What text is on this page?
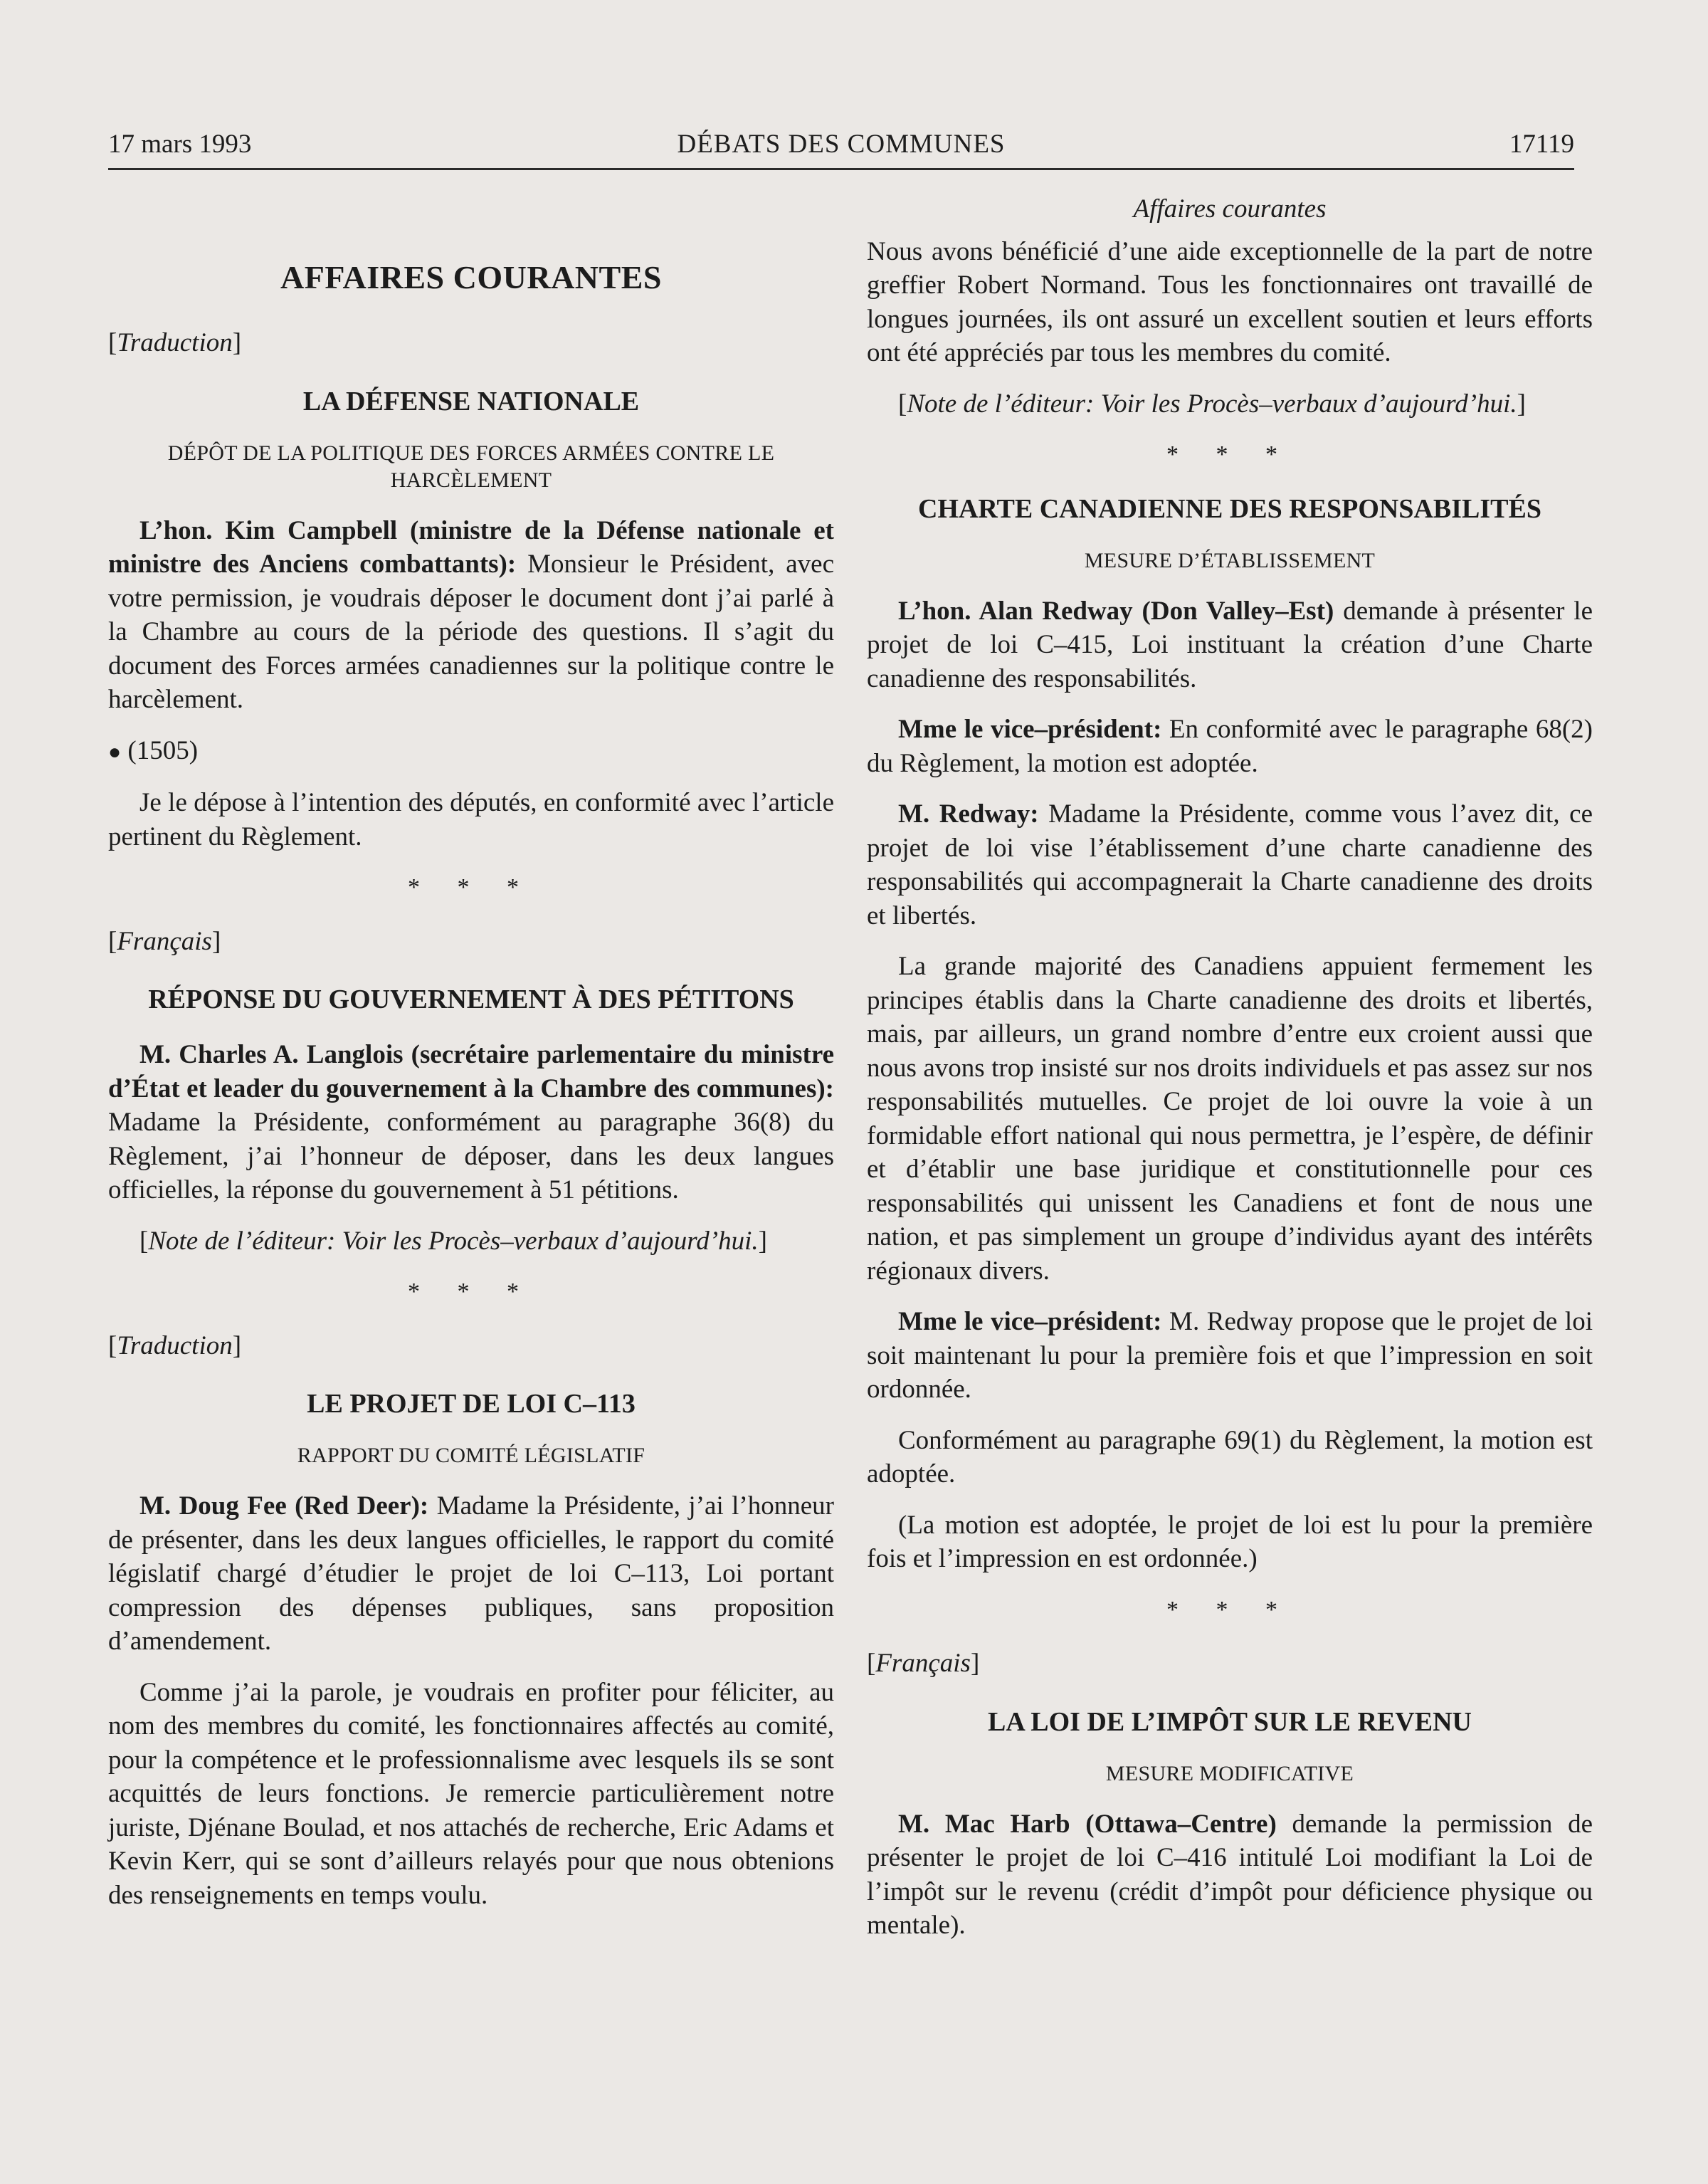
17 mars 1993	DÉBATS DES COMMUNES	17119
AFFAIRES COURANTES

[Traduction]

LA DÉFENSE NATIONALE
DÉPÔT DE LA POLITIQUE DES FORCES ARMÉES CONTRE LE HARCÈLEMENT

L’hon. Kim Campbell (ministre de la Défense nationale et ministre des Anciens combattants): Monsieur le Président, avec votre permission, je voudrais déposer le document dont j’ai parlé à la Chambre au cours de la période des questions. Il s’agit du document des Forces armées canadiennes sur la politique contre le harcèlement.

● (1505)

Je le dépose à l’intention des députés, en conformité avec l’article pertinent du Règlement.

* * *

[Français]

RÉPONSE DU GOUVERNEMENT À DES PÉTITONS

M. Charles A. Langlois (secrétaire parlementaire du ministre d’État et leader du gouvernement à la Chambre des communes): Madame la Présidente, conformément au paragraphe 36(8) du Règlement, j’ai l’honneur de déposer, dans les deux langues officielles, la réponse du gouvernement à 51 pétitions.

[Note de l’éditeur: Voir les Procès–verbaux d’aujourd’hui.]

* * *

[Traduction]

LE PROJET DE LOI C–113
RAPPORT DU COMITÉ LÉGISLATIF

M. Doug Fee (Red Deer): Madame la Présidente, j’ai l’honneur de présenter, dans les deux langues officielles, le rapport du comité législatif chargé d’étudier le projet de loi C–113, Loi portant compression des dépenses publiques, sans proposition d’amendement.

Comme j’ai la parole, je voudrais en profiter pour féliciter, au nom des membres du comité, les fonctionnaires affectés au comité, pour la compétence et le professionnalisme avec lesquels ils se sont acquittés de leurs fonctions. Je remercie particulièrement notre juriste, Djénane Boulad, et nos attachés de recherche, Eric Adams et Kevin Kerr, qui se sont d’ailleurs relayés pour que nous obtenions des renseignements en temps voulu.

Affaires courantes

Nous avons bénéficié d’une aide exceptionnelle de la part de notre greffier Robert Normand. Tous les fonctionnaires ont travaillé de longues journées, ils ont assuré un excellent soutien et leurs efforts ont été appréciés par tous les membres du comité.

[Note de l’éditeur: Voir les Procès–verbaux d’aujourd’hui.]

* * *
CHARTE CANADIENNE DES RESPONSABILITÉS
MESURE D’ÉTABLISSEMENT

L’hon. Alan Redway (Don Valley–Est) demande à présenter le projet de loi C–415, Loi instituant la création d’une Charte canadienne des responsabilités.

Mme le vice–président: En conformité avec le paragraphe 68(2) du Règlement, la motion est adoptée.

M. Redway: Madame la Présidente, comme vous l’avez dit, ce projet de loi vise l’établissement d’une charte canadienne des responsabilités qui accompagnerait la Charte canadienne des droits et libertés.

La grande majorité des Canadiens appuient fermement les principes établis dans la Charte canadienne des droits et libertés, mais, par ailleurs, un grand nombre d’entre eux croient aussi que nous avons trop insisté sur nos droits individuels et pas assez sur nos responsabilités mutuelles. Ce projet de loi ouvre la voie à un formidable effort national qui nous permettra, je l’espère, de définir et d’établir une base juridique et constitutionnelle pour ces responsabilités qui unissent les Canadiens et font de nous une nation, et pas simplement un groupe d’individus ayant des intérêts régionaux divers.

Mme le vice–président: M. Redway propose que le projet de loi soit maintenant lu pour la première fois et que l’impression en soit ordonnée.

Conformément au paragraphe 69(1) du Règlement, la motion est adoptée.

(La motion est adoptée, le projet de loi est lu pour la première fois et l’impression en est ordonnée.)

* * *

[Français]

LA LOI DE L’IMPÔT SUR LE REVENU
MESURE MODIFICATIVE

M. Mac Harb (Ottawa–Centre) demande la permission de présenter le projet de loi C–416 intitulé Loi modifiant la Loi de l’impôt sur le revenu (crédit d’impôt pour déficience physique ou mentale).
